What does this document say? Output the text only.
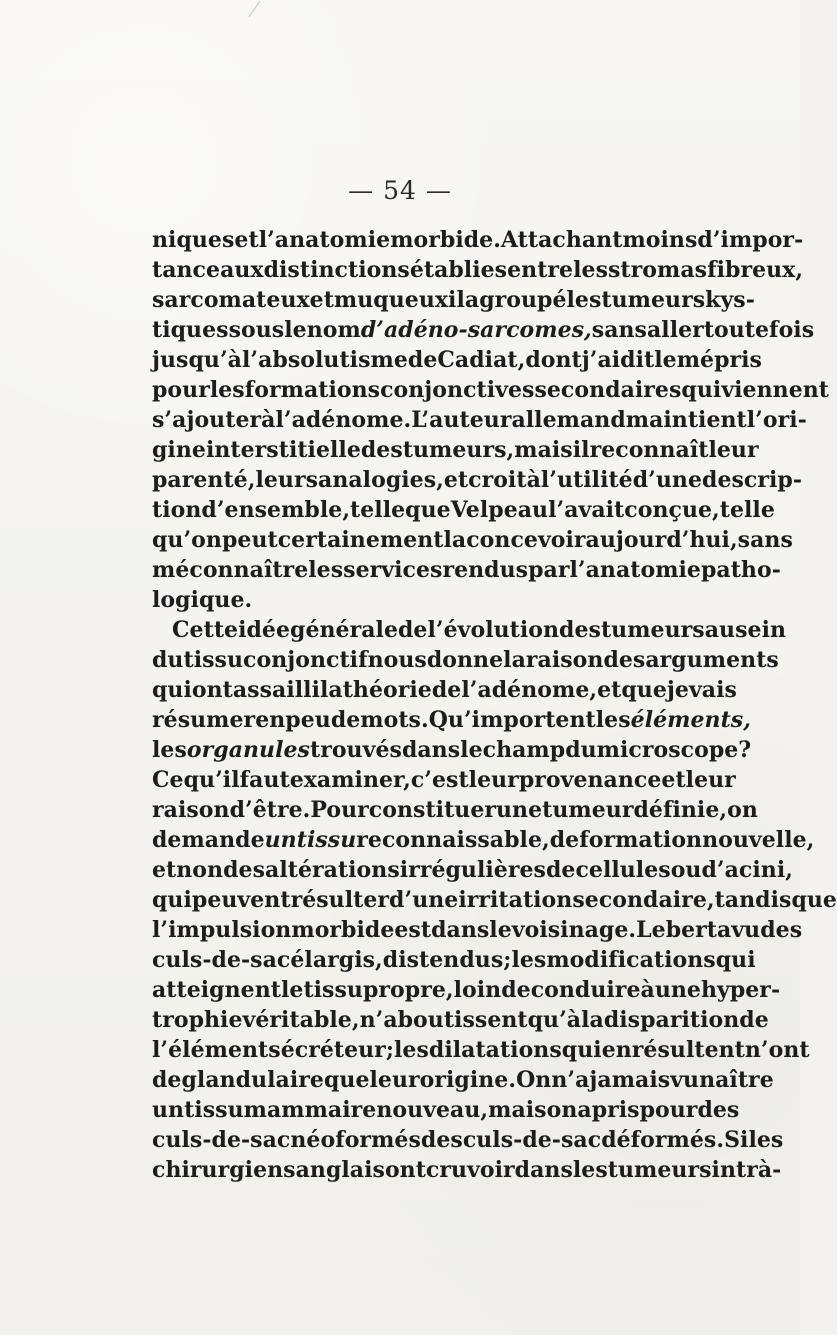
— 54 —
niques et l’anatomie morbide. Attachant moins d’impor-
tance aux distinctions établies entre les stromas fibreux,
sarcomateux et muqueux il a groupé les tumeurs kys-
tiques sous le nom d’adéno-sarcomes, sans aller toutefois
jusqu’à l’absolutisme de Cadiat, dont j’ai dit le mépris
pour les formations conjonctives secondaires qui viennent
s’ajouter à l’adénome. L’auteur allemand maintient l’ori-
gine interstitielle des tumeurs, mais il reconnaît leur
parenté, leurs analogies, et croit à l’utilité d’une descrip-
tion d’ensemble, telle que Velpeau l’avait conçue, telle
qu’on peut certainement la concevoir aujourd’hui, sans
méconnaître les services rendus par l’anatomie patho-
logique.
Cette idée générale de l’évolution des tumeurs au sein
du tissu conjonctif nous donne la raison des arguments
qui ont assailli la théorie de l’adénome, et que je vais
résumer en peu de mots. Qu’importent les éléments,
les organules trouvés dans le champ du microscope?
Ce qu’il faut examiner, c’est leur provenance et leur
raison d’être. Pour constituer une tumeur définie, on
demande un tissu reconnaissable, de formation nouvelle,
et non des altérations irrégulières de cellules ou d’acini,
qui peuvent résulter d’une irritation secondaire, tandis que
l’impulsion morbide est dans le voisinage. Lebert a vu des
culs-de-sac élargis, distendus; les modifications qui
atteignent le tissu propre, loin de conduire à une hyper-
trophie véritable, n’aboutissent qu’à la disparition de
l’élément sécréteur; les dilatations qui en résultent n’ont
de glandulaire que leur origine. On n’a jamais vu naître
un tissu mammaire nouveau, mais on a pris pour des
culs-de-sac néoformés des culs-de-sac déformés. Si les
chirurgiens anglais ont cru voir dans les tumeurs intrà-
